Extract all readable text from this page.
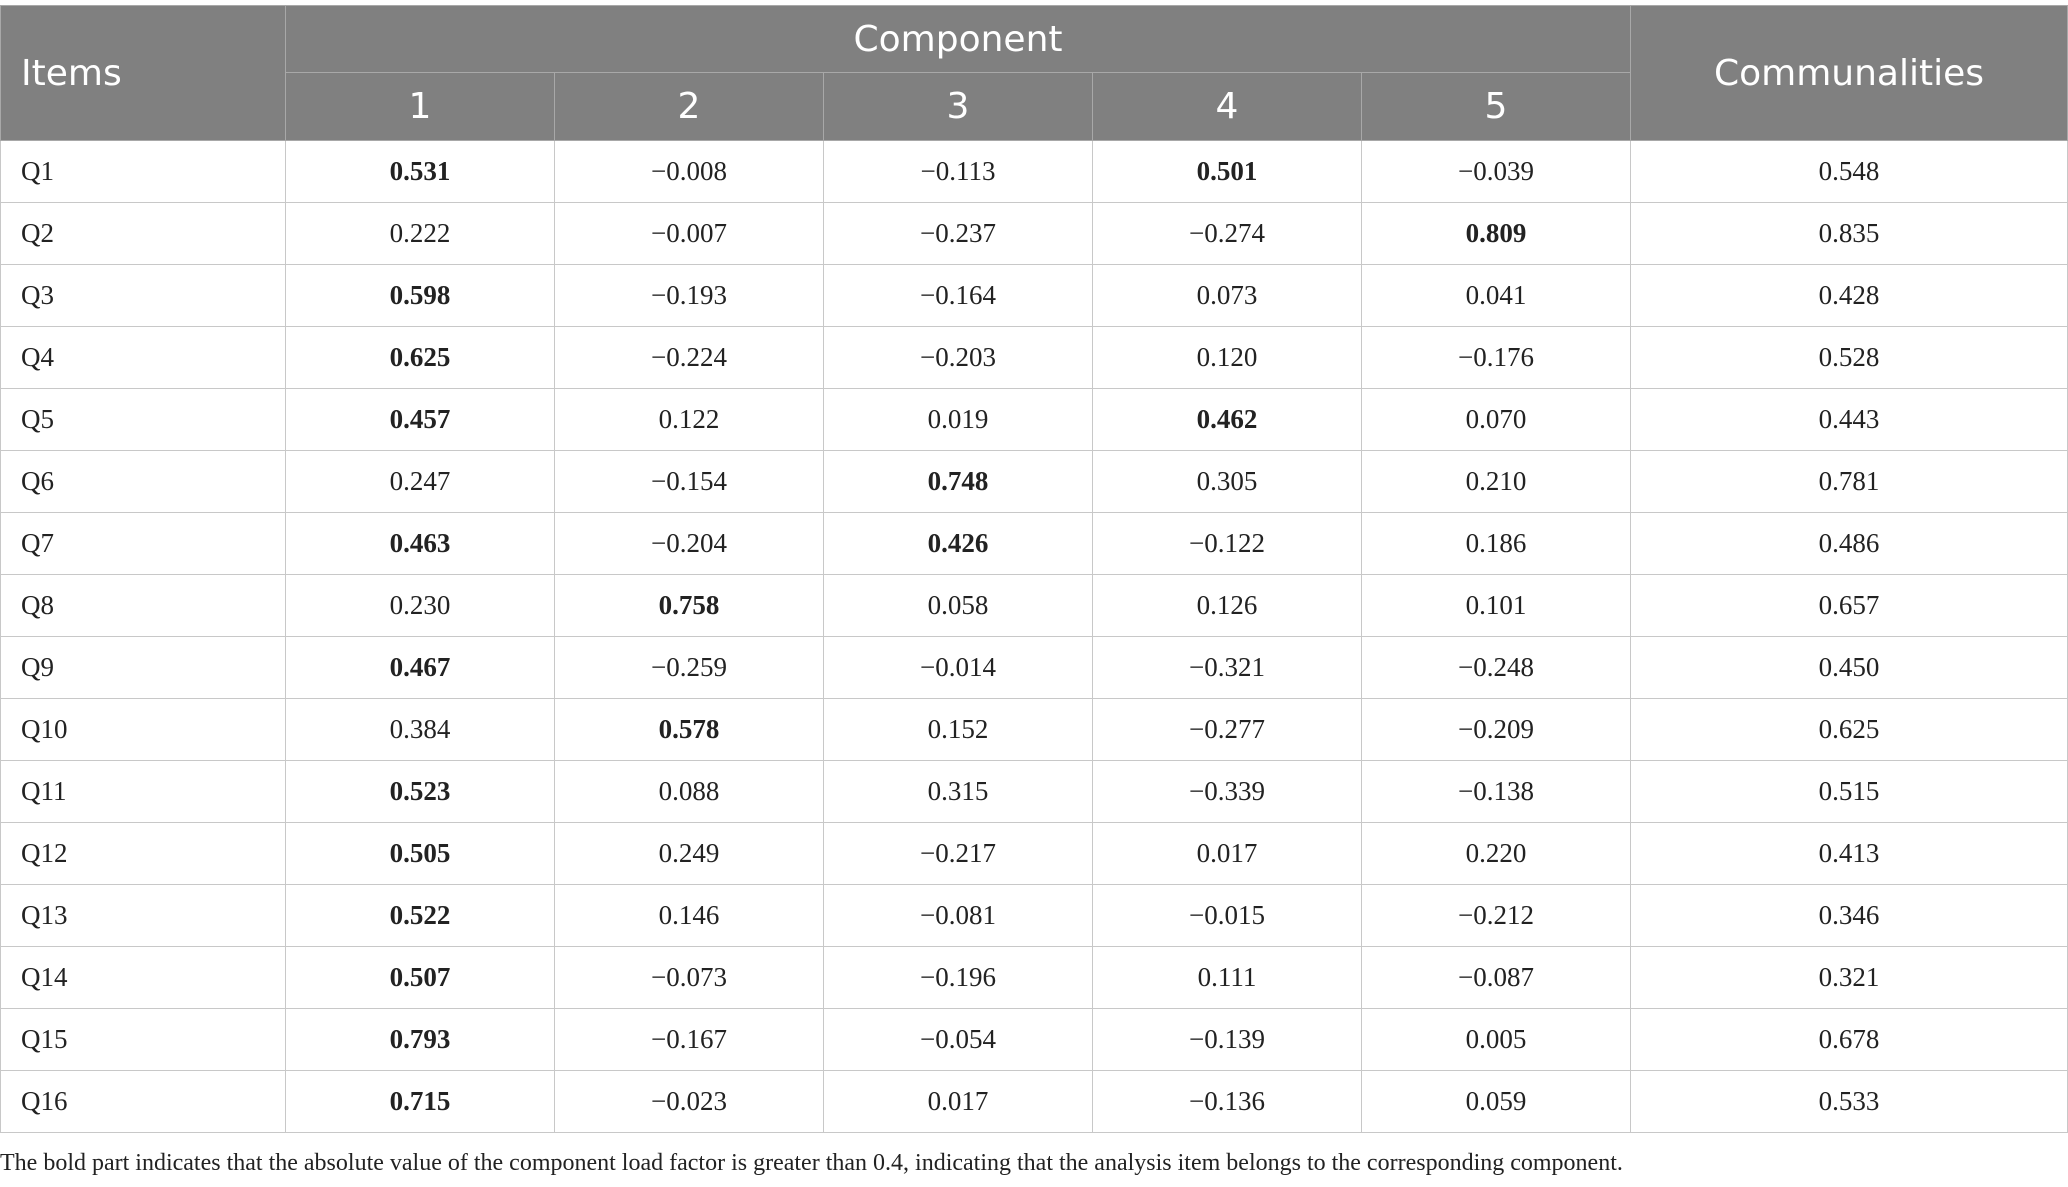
Items	Component					Communalities
	1	2	3	4	5	
Q1	0.531	−0.008	−0.113	0.501	−0.039	0.548
Q2	0.222	−0.007	−0.237	−0.274	0.809	0.835
Q3	0.598	−0.193	−0.164	0.073	0.041	0.428
Q4	0.625	−0.224	−0.203	0.120	−0.176	0.528
Q5	0.457	0.122	0.019	0.462	0.070	0.443
Q6	0.247	−0.154	0.748	0.305	0.210	0.781
Q7	0.463	−0.204	0.426	−0.122	0.186	0.486
Q8	0.230	0.758	0.058	0.126	0.101	0.657
Q9	0.467	−0.259	−0.014	−0.321	−0.248	0.450
Q10	0.384	0.578	0.152	−0.277	−0.209	0.625
Q11	0.523	0.088	0.315	−0.339	−0.138	0.515
Q12	0.505	0.249	−0.217	0.017	0.220	0.413
Q13	0.522	0.146	−0.081	−0.015	−0.212	0.346
Q14	0.507	−0.073	−0.196	0.111	−0.087	0.321
Q15	0.793	−0.167	−0.054	−0.139	0.005	0.678
Q16	0.715	−0.023	0.017	−0.136	0.059	0.533

The bold part indicates that the absolute value of the component load factor is greater than 0.4, indicating that the analysis item belongs to the corresponding component.
